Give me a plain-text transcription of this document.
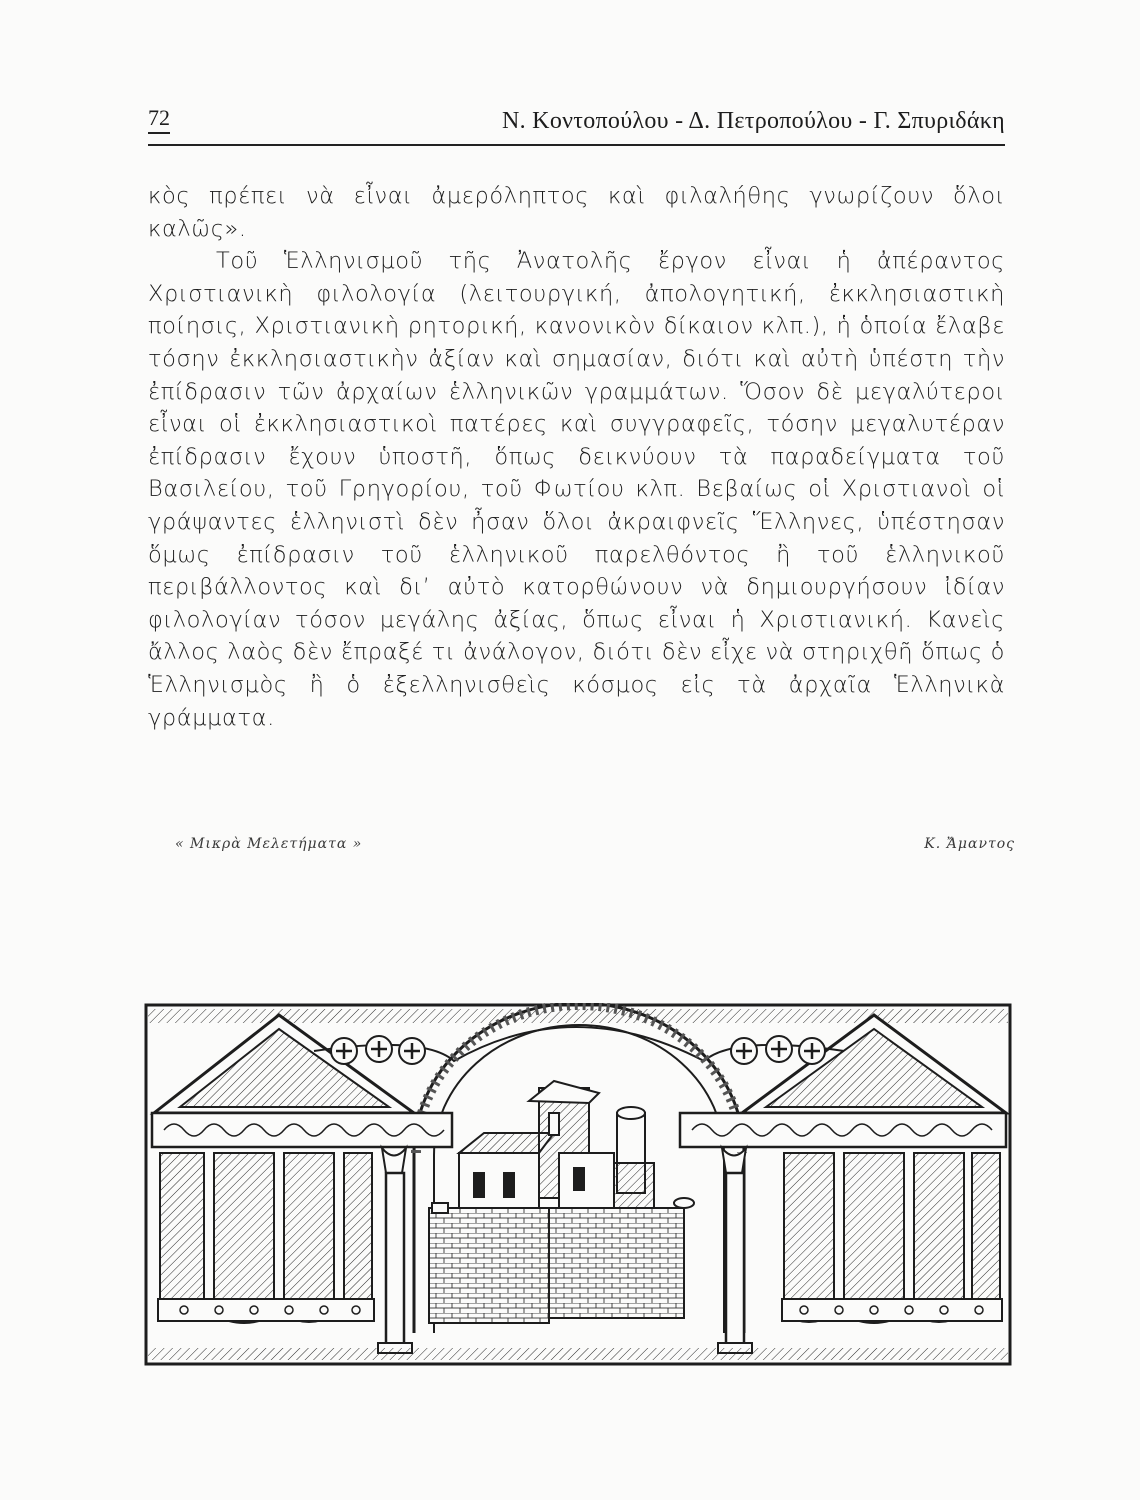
72	Ν. Κοντοπούλου - Δ. Πετροπούλου - Γ. Σπυριδάκη

κὸς πρέπει νὰ εἶναι ἀμερόληπτος καὶ φιλαλήθης γνωρίζουν ὅλοι καλῶς».

Τοῦ Ἑλληνισμοῦ τῆς Ἀνατολῆς ἔργον εἶναι ἡ ἀπέραντος Χριστιανικὴ φιλολογία (λειτουργική, ἀπολογητική, ἐκκλησιαστικὴ ποίησις, Χριστιανικὴ ρητορική, κανονικὸν δίκαιον κλπ.), ἡ ὁποία ἔλαβε τόσην ἐκκλησιαστικὴν ἀξίαν καὶ σημασίαν, διότι καὶ αὐτὴ ὑπέστη τὴν ἐπίδρασιν τῶν ἀρχαίων ἑλληνικῶν γραμμάτων. Ὅσον δὲ μεγαλύτεροι εἶναι οἱ ἐκκλησιαστικοὶ πατέρες καὶ συγγραφεῖς, τόσην μεγαλυτέραν ἐπίδρασιν ἔχουν ὑποστῆ, ὅπως δεικνύουν τὰ παραδείγματα τοῦ Βασιλείου, τοῦ Γρηγορίου, τοῦ Φωτίου κλπ. Βεβαίως οἱ Χριστιανοὶ οἱ γράψαντες ἑλληνιστὶ δὲν ἦσαν ὅλοι ἀκραιφνεῖς Ἕλληνες, ὑπέστησαν ὅμως ἐπίδρασιν τοῦ ἑλληνικοῦ παρελθόντος ἢ τοῦ ἑλληνικοῦ περιβάλλοντος καὶ δι’ αὐτὸ κατορθώνουν νὰ δημιουργήσουν ἰδίαν φιλολογίαν τόσον μεγάλης ἀξίας, ὅπως εἶναι ἡ Χριστιανική. Κανεὶς ἄλλος λαὸς δὲν ἔπραξέ τι ἀνάλογον, διότι δὲν εἶχε νὰ στηριχθῆ ὅπως ὁ Ἑλληνισμὸς ἢ ὁ ἐξελληνισθεὶς κόσμος εἰς τὰ ἀρχαῖα Ἑλληνικὰ γράμματα.

« Μικρὰ Μελετήματα »	Κ. Ἄμαντος
